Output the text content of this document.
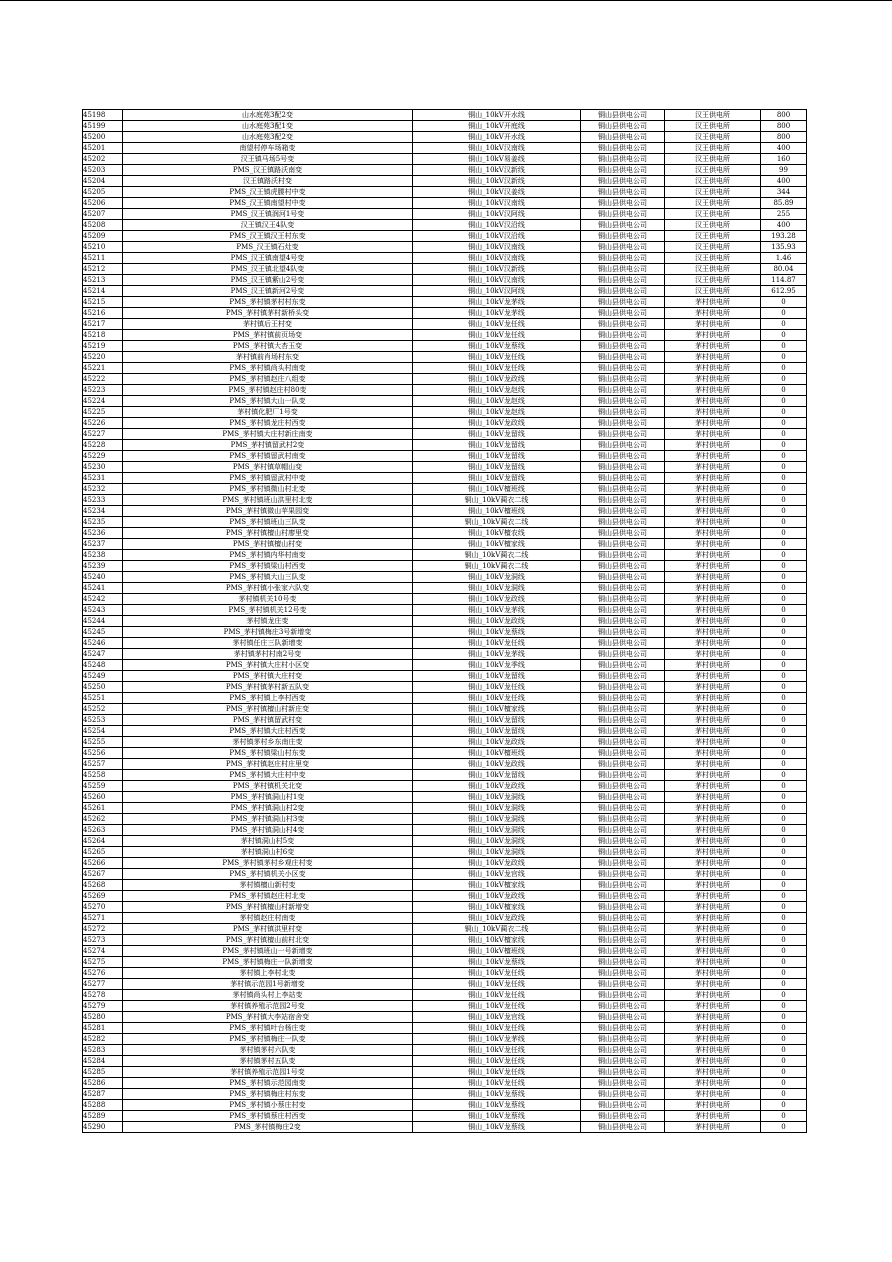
45198	山水庭苑3配2变	铜山_10kV开水线	铜山县供电公司	汉王供电所	800
45199	山水庭苑3配1变	铜山_10kV开庭线	铜山县供电公司	汉王供电所	800
45200	山水庭苑3配2变	铜山_10kV开水线	铜山县供电公司	汉王供电所	800
45201	南望村停车场箱变	铜山_10kV汉南线	铜山县供电公司	汉王供电所	400
45202	汉王镇马场5号变	铜山_10kV易姜线	铜山县供电公司	汉王供电所	160
45203	PMS_汉王镇路沃南变	铜山_10kV汉新线	铜山县供电公司	汉王供电所	99
45204	汉王镇路沃村变	铜山_10kV汉新线	铜山县供电公司	汉王供电所	400
45205	PMS_汉王镇虎腰村中变	铜山_10kV汉姜线	铜山县供电公司	汉王供电所	344
45206	PMS_汉王镇南望村中变	铜山_10kV汉南线	铜山县供电公司	汉王供电所	85.89
45207	PMS_汉王镇润河1号变	铜山_10kV汉阿线	铜山县供电公司	汉王供电所	255
45208	汉王镇汉王4队变	铜山_10kV汉沿线	铜山县供电公司	汉王供电所	400
45209	PMS_汉王镇汉王村东变	铜山_10kV汉沿线	铜山县供电公司	汉王供电所	193.28
45210	PMS_汉王镇石灶变	铜山_10kV汉南线	铜山县供电公司	汉王供电所	135.93
45211	PMS_汉王镇南望4号变	铜山_10kV汉南线	铜山县供电公司	汉王供电所	1.46
45212	PMS_汉王镇北望4队变	铜山_10kV汉新线	铜山县供电公司	汉王供电所	80.04
45213	PMS_汉王镇紫山2号变	铜山_10kV汉南线	铜山县供电公司	汉王供电所	114.87
45214	PMS_汉王镇新河2号变	铜山_10kV汉阿线	铜山县供电公司	汉王供电所	612.95
45215	PMS_茅村镇茅村村东变	铜山_10kV龙茅线	铜山县供电公司	茅村供电所	0
45216	PMS_茅村镇茅村新桥头变	铜山_10kV龙茅线	铜山县供电公司	茅村供电所	0
45217	茅村镇后王村变	铜山_10kV龙任线	铜山县供电公司	茅村供电所	0
45218	PMS_茅村镇前页场变	铜山_10kV龙任线	铜山县供电公司	茅村供电所	0
45219	PMS_茅村镇大杏玉变	铜山_10kV龙蔡线	铜山县供电公司	茅村供电所	0
45220	茅村镇前肖场村东变	铜山_10kV龙任线	铜山县供电公司	茅村供电所	0
45221	PMS_茅村镇尚头村南变	铜山_10kV龙任线	铜山县供电公司	茅村供电所	0
45222	PMS_茅村镇赵庄八组变	铜山_10kV龙政线	铜山县供电公司	茅村供电所	0
45223	PMS_茅村镇赵庄村80变	铜山_10kV龙赵线	铜山县供电公司	茅村供电所	0
45224	PMS_茅村镇大山一队变	铜山_10kV龙赵线	铜山县供电公司	茅村供电所	0
45225	茅村镇化肥厂1号变	铜山_10kV龙赵线	铜山县供电公司	茅村供电所	0
45226	PMS_茅村镇龙庄村西变	铜山_10kV龙政线	铜山县供电公司	茅村供电所	0
45227	PMS_茅村镇大庄村新庄南变	铜山_10kV龙留线	铜山县供电公司	茅村供电所	0
45228	PMS_茅村镇留武村2变	铜山_10kV龙留线	铜山县供电公司	茅村供电所	0
45229	PMS_茅村镇留武村南变	铜山_10kV龙留线	铜山县供电公司	茅村供电所	0
45230	PMS_茅村镇草帽山变	铜山_10kV龙留线	铜山县供电公司	茅村供电所	0
45231	PMS_茅村镇留武村中变	铜山_10kV龙留线	铜山县供电公司	茅村供电所	0
45232	PMS_茅村镇微山村北变	铜山_10kV檀班线	铜山县供电公司	茅村供电所	0
45233	PMS_茅村镇班山洪里村北变	铜山_10kV蔺衣二线	铜山县供电公司	茅村供电所	0
45234	PMS_茅村镇微山苹果园变	铜山_10kV檀班线	铜山县供电公司	茅村供电所	0
45235	PMS_茅村镇班山三队变	铜山_10kV蔺衣二线	铜山县供电公司	茅村供电所	0
45236	PMS_茅村镇檀山村廖里变	铜山_10kV檀农线	铜山县供电公司	茅村供电所	0
45237	PMS_茅村镇檀山村变	铜山_10kV檀家线	铜山县供电公司	茅村供电所	0
45238	PMS_茅村镇内华村南变	铜山_10kV蔺衣二线	铜山县供电公司	茅村供电所	0
45239	PMS_茅村镇梁山村西变	铜山_10kV蔺衣二线	铜山县供电公司	茅村供电所	0
45240	PMS_茅村镇大山三队变	铜山_10kV龙洞线	铜山县供电公司	茅村供电所	0
45241	PMS_茅村镇小张家六队变	铜山_10kV龙洞线	铜山县供电公司	茅村供电所	0
45242	茅村镇机关10号变	铜山_10kV龙政线	铜山县供电公司	茅村供电所	0
45243	PMS_茅村镇机关12号变	铜山_10kV龙茅线	铜山县供电公司	茅村供电所	0
45244	茅村镇龙庄变	铜山_10kV龙政线	铜山县供电公司	茅村供电所	0
45245	PMS_茅村镇梅庄3号新增变	铜山_10kV龙蔡线	铜山县供电公司	茅村供电所	0
45246	茅村镇任庄三队新增变	铜山_10kV龙任线	铜山县供电公司	茅村供电所	0
45247	茅村镇茅村村南2号变	铜山_10kV龙茅线	铜山县供电公司	茅村供电所	0
45248	PMS_茅村镇大庄村小区变	铜山_10kV龙季线	铜山县供电公司	茅村供电所	0
45249	PMS_茅村镇大庄村变	铜山_10kV龙留线	铜山县供电公司	茅村供电所	0
45250	PMS_茅村镇茅村新五队变	铜山_10kV龙任线	铜山县供电公司	茅村供电所	0
45251	PMS_茅村镇上李村西变	铜山_10kV龙任线	铜山县供电公司	茅村供电所	0
45252	PMS_茅村镇檀山村新庄变	铜山_10kV檀家线	铜山县供电公司	茅村供电所	0
45253	PMS_茅村镇留武村变	铜山_10kV龙留线	铜山县供电公司	茅村供电所	0
45254	PMS_茅村镇大庄村西变	铜山_10kV龙留线	铜山县供电公司	茅村供电所	0
45255	茅村镇茅村乡东南庄变	铜山_10kV龙政线	铜山县供电公司	茅村供电所	0
45256	PMS_茅村镇梁山村东变	铜山_10kV檀班线	铜山县供电公司	茅村供电所	0
45257	PMS_茅村镇赵庄村庄里变	铜山_10kV龙政线	铜山县供电公司	茅村供电所	0
45258	PMS_茅村镇大庄村中变	铜山_10kV龙留线	铜山县供电公司	茅村供电所	0
45259	PMS_茅村镇机关北变	铜山_10kV龙政线	铜山县供电公司	茅村供电所	0
45260	PMS_茅村镇洞山村1变	铜山_10kV龙洞线	铜山县供电公司	茅村供电所	0
45261	PMS_茅村镇洞山村2变	铜山_10kV龙洞线	铜山县供电公司	茅村供电所	0
45262	PMS_茅村镇洞山村3变	铜山_10kV龙洞线	铜山县供电公司	茅村供电所	0
45263	PMS_茅村镇洞山村4变	铜山_10kV龙洞线	铜山县供电公司	茅村供电所	0
45264	茅村镇洞山村5变	铜山_10kV龙洞线	铜山县供电公司	茅村供电所	0
45265	茅村镇洞山村6变	铜山_10kV龙洞线	铜山县供电公司	茅村供电所	0
45266	PMS_茅村镇茅村乡观庄村变	铜山_10kV龙政线	铜山县供电公司	茅村供电所	0
45267	PMS_茅村镇机关小区变	铜山_10kV龙官线	铜山县供电公司	茅村供电所	0
45268	茅村镇檀山新村变	铜山_10kV檀家线	铜山县供电公司	茅村供电所	0
45269	PMS_茅村镇赵庄村北变	铜山_10kV龙政线	铜山县供电公司	茅村供电所	0
45270	PMS_茅村镇檀山村新增变	铜山_10kV檀家线	铜山县供电公司	茅村供电所	0
45271	茅村镇赵庄村南变	铜山_10kV龙政线	铜山县供电公司	茅村供电所	0
45272	PMS_茅村镇洪里村变	铜山_10kV蔺衣二线	铜山县供电公司	茅村供电所	0
45273	PMS_茅村镇檀山前村北变	铜山_10kV檀家线	铜山县供电公司	茅村供电所	0
45274	PMS_茅村镇班山一号新增变	铜山_10kV檀班线	铜山县供电公司	茅村供电所	0
45275	PMS_茅村镇梅庄一队新增变	铜山_10kV龙蔡线	铜山县供电公司	茅村供电所	0
45276	茅村镇上李村北变	铜山_10kV龙任线	铜山县供电公司	茅村供电所	0
45277	茅村镇示范园1号新增变	铜山_10kV龙任线	铜山县供电公司	茅村供电所	0
45278	茅村镇尚头村上李站变	铜山_10kV龙任线	铜山县供电公司	茅村供电所	0
45279	茅村镇养殖示范园2号变	铜山_10kV龙任线	铜山县供电公司	茅村供电所	0
45280	PMS_茅村镇大李站宿舍变	铜山_10kV龙官线	铜山县供电公司	茅村供电所	0
45281	PMS_茅村镇叶台杨庄变	铜山_10kV龙任线	铜山县供电公司	茅村供电所	0
45282	PMS_茅村镇梅庄一队变	铜山_10kV龙茅线	铜山县供电公司	茅村供电所	0
45283	茅村镇茅村六队变	铜山_10kV龙任线	铜山县供电公司	茅村供电所	0
45284	茅村镇茅村五队变	铜山_10kV龙任线	铜山县供电公司	茅村供电所	0
45285	茅村镇养殖示范园1号变	铜山_10kV龙任线	铜山县供电公司	茅村供电所	0
45286	PMS_茅村镇示范园南变	铜山_10kV龙任线	铜山县供电公司	茅村供电所	0
45287	PMS_茅村镇梅庄村东变	铜山_10kV龙蔡线	铜山县供电公司	茅村供电所	0
45288	PMS_茅村镇小蔡庄村变	铜山_10kV龙蔡线	铜山县供电公司	茅村供电所	0
45289	PMS_茅村镇蔡庄村西变	铜山_10kV龙蔡线	铜山县供电公司	茅村供电所	0
45290	PMS_茅村镇梅庄2变	铜山_10kV龙蔡线	铜山县供电公司	茅村供电所	0
